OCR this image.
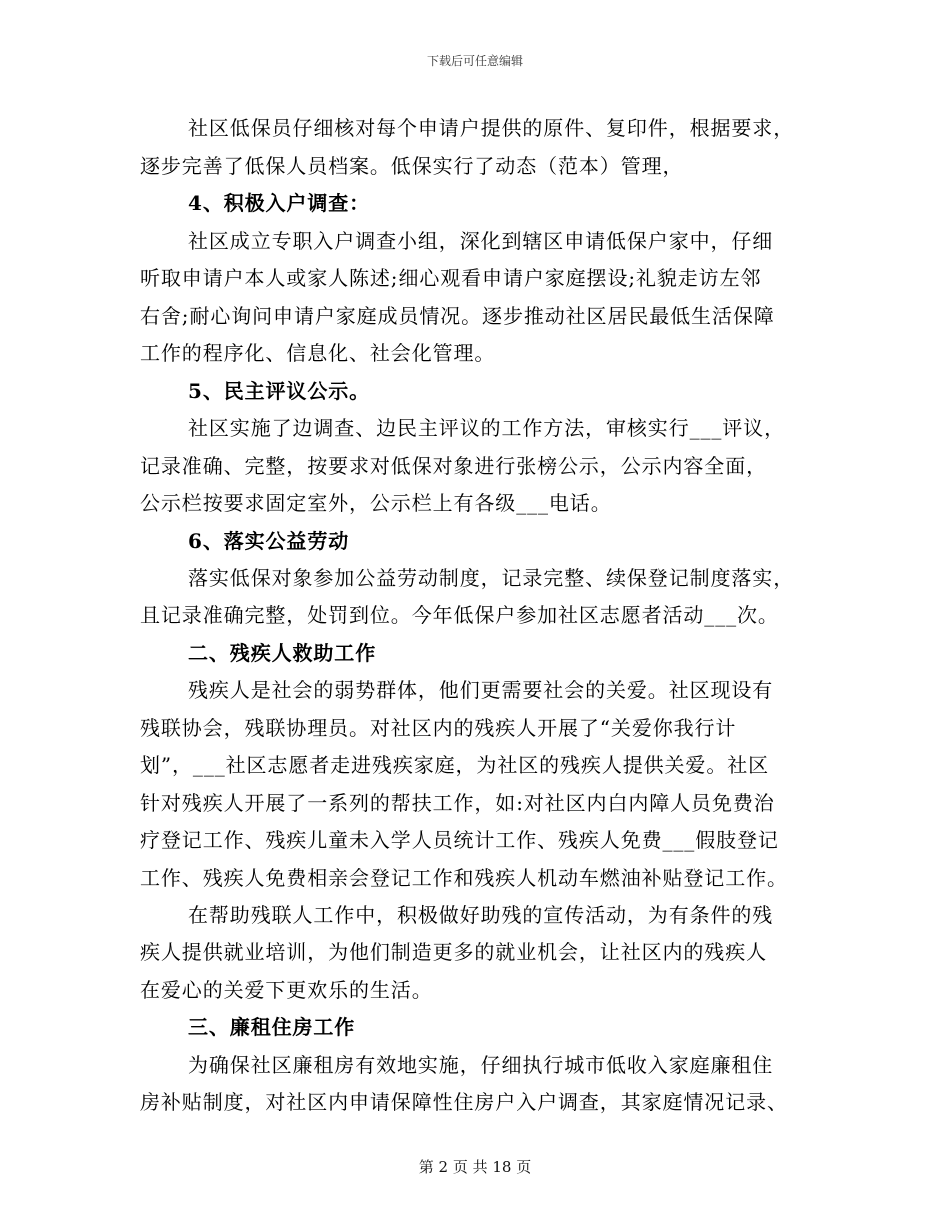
下载后可任意编辑
社区低保员仔细核对每个申请户提供的原件、复印件，根据要求，
逐步完善了低保人员档案。低保实行了动态（范本）管理，
4、积极入户调查：
社区成立专职入户调查小组，深化到辖区申请低保户家中，仔细
听取申请户本人或家人陈述;细心观看申请户家庭摆设;礼貌走访左邻
右舍;耐心询问申请户家庭成员情况。逐步推动社区居民最低生活保障
工作的程序化、信息化、社会化管理。
5、民主评议公示。
社区实施了边调查、边民主评议的工作方法，审核实行___评议，
记录准确、完整，按要求对低保对象进行张榜公示，公示内容全面，
公示栏按要求固定室外，公示栏上有各级___电话。
6、落实公益劳动
落实低保对象参加公益劳动制度，记录完整、续保登记制度落实，
且记录准确完整，处罚到位。今年低保户参加社区志愿者活动___次。
二、残疾人救助工作
残疾人是社会的弱势群体，他们更需要社会的关爱。社区现设有
残联协会，残联协理员。对社区内的残疾人开展了“关爱你我行计
划”，___社区志愿者走进残疾家庭，为社区的残疾人提供关爱。社区
针对残疾人开展了一系列的帮扶工作，如:对社区内白内障人员免费治
疗登记工作、残疾儿童未入学人员统计工作、残疾人免费___假肢登记
工作、残疾人免费相亲会登记工作和残疾人机动车燃油补贴登记工作。
在帮助残联人工作中，积极做好助残的宣传活动，为有条件的残
疾人提供就业培训，为他们制造更多的就业机会，让社区内的残疾人
在爱心的关爱下更欢乐的生活。
三、廉租住房工作
为确保社区廉租房有效地实施，仔细执行城市低收入家庭廉租住
房补贴制度，对社区内申请保障性住房户入户调查，其家庭情况记录、
第 2 页 共 18 页
